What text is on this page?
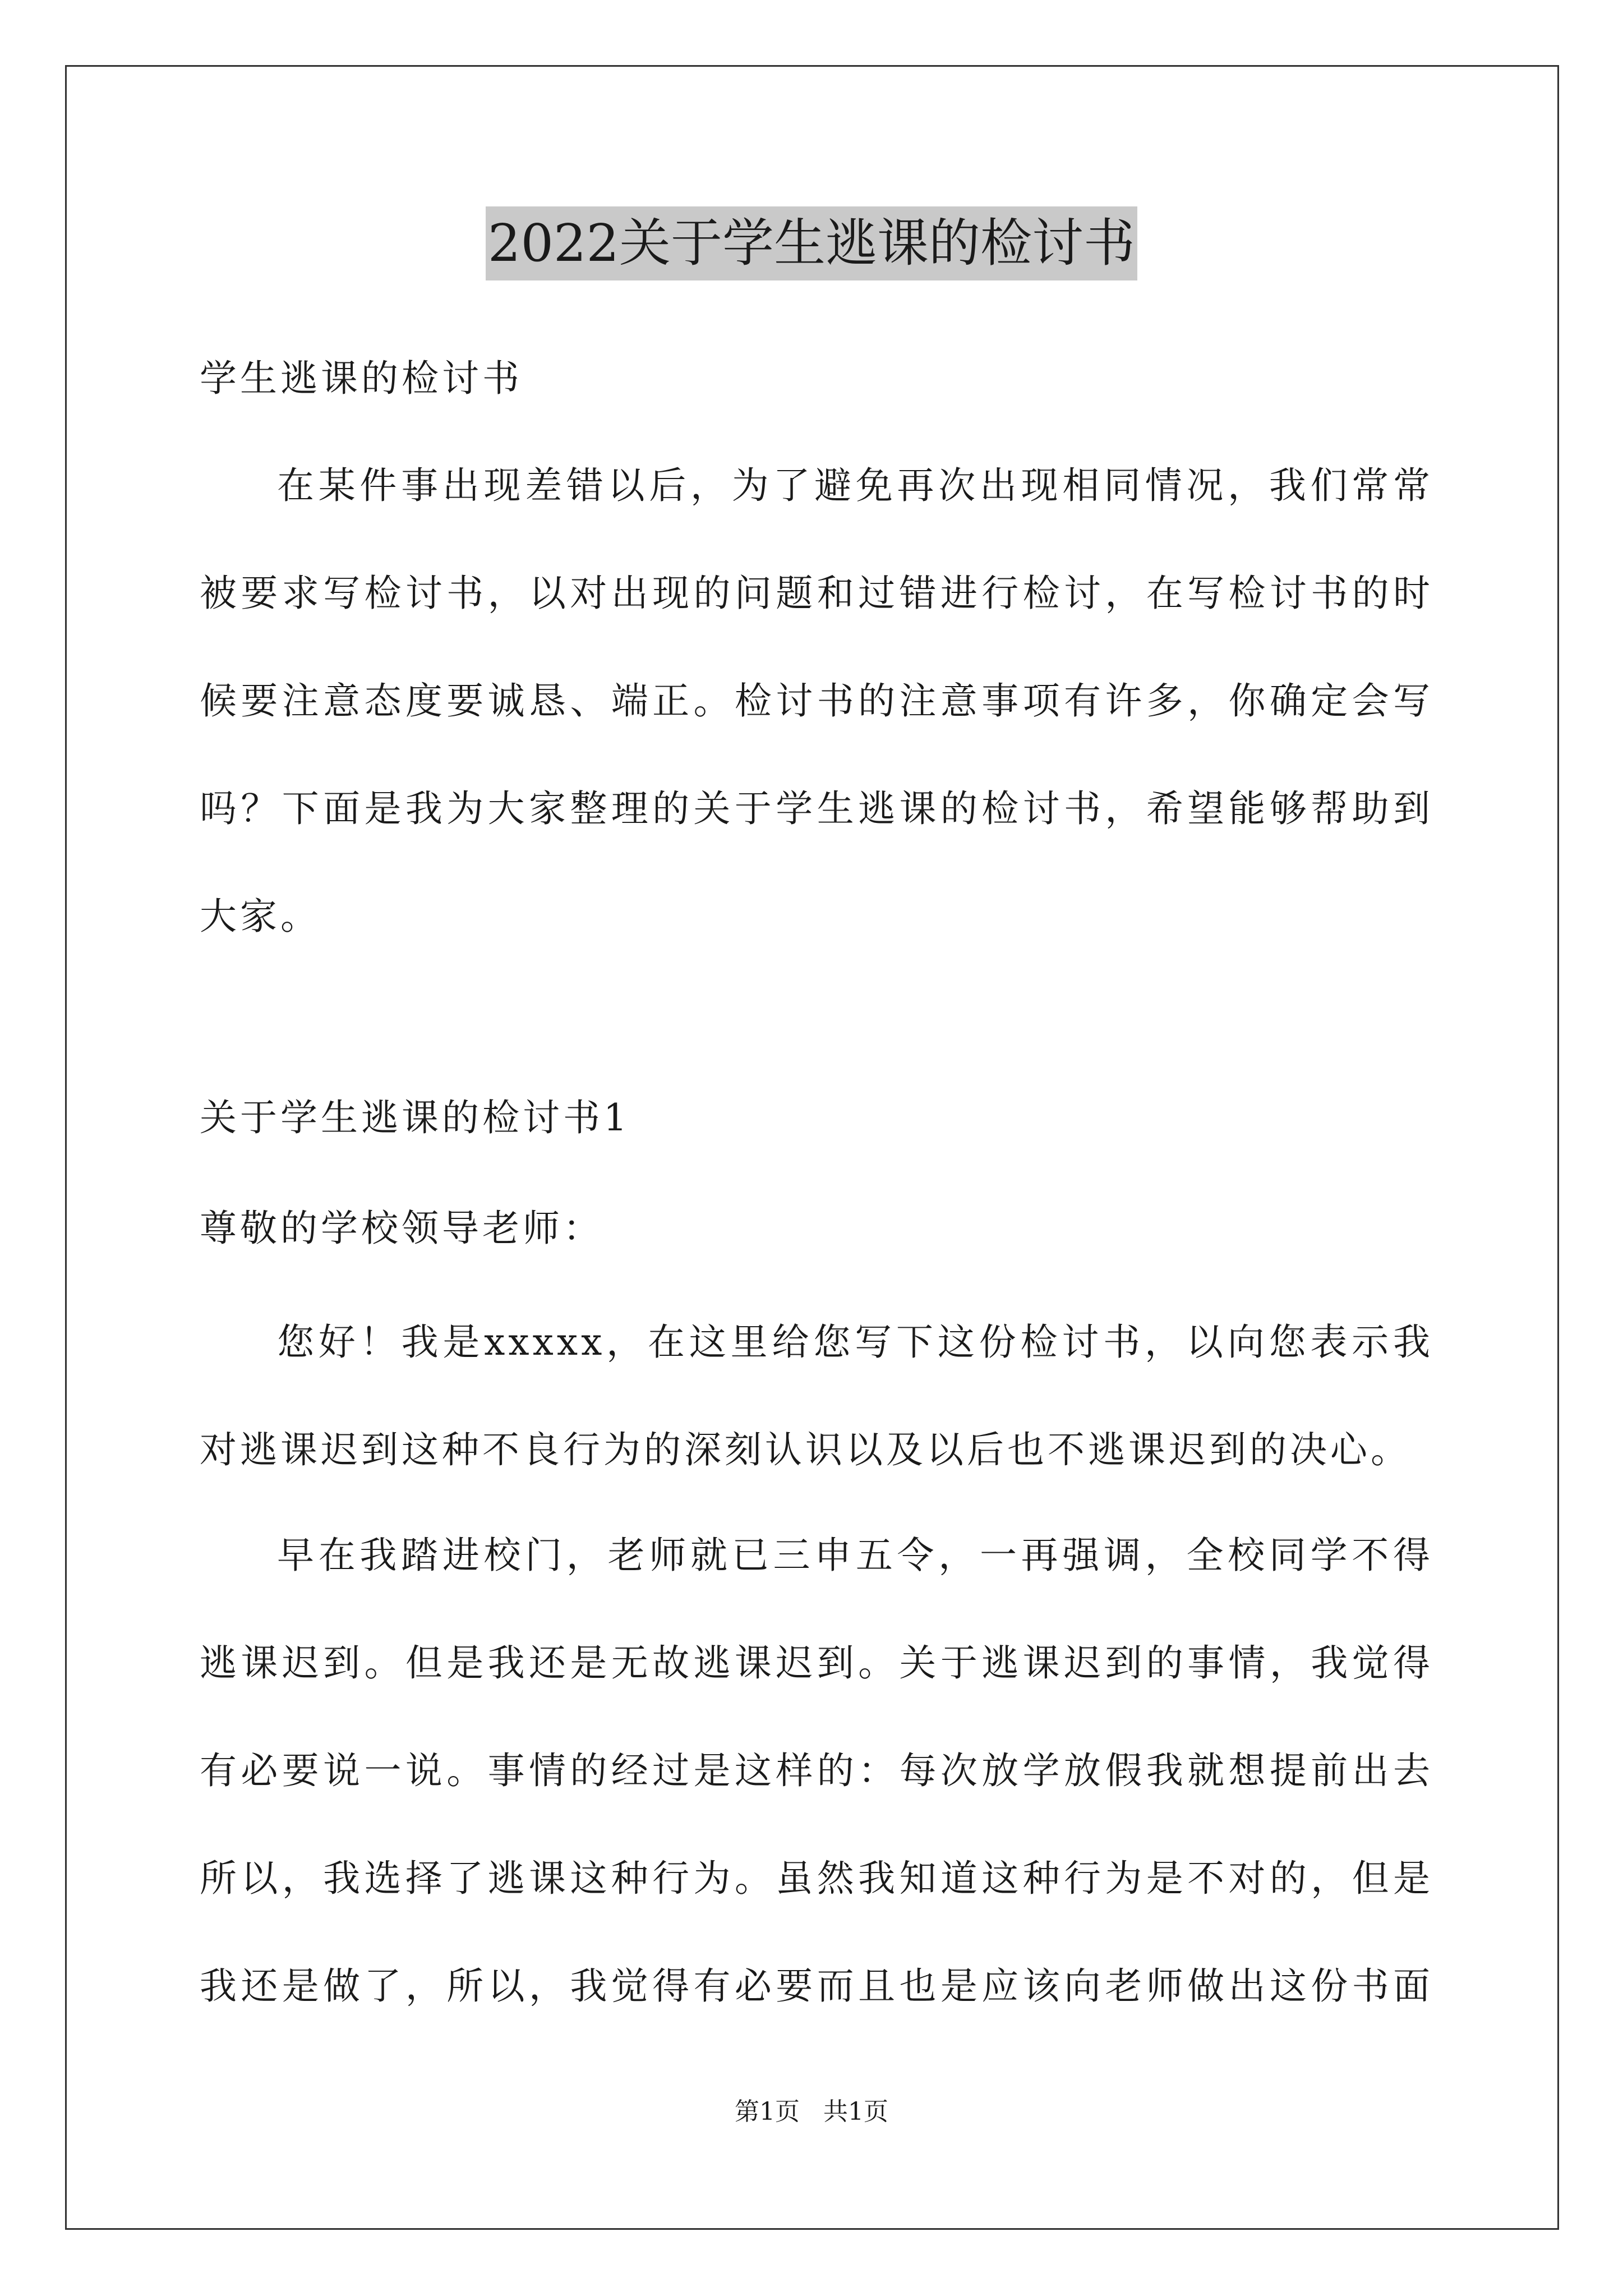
2022关于学生逃课的检讨书
学生逃课的检讨书
在某件事出现差错以后，为了避免再次出现相同情况，我们常常
被要求写检讨书，以对出现的问题和过错进行检讨，在写检讨书的时
候要注意态度要诚恳、端正。检讨书的注意事项有许多，你确定会写
吗？下面是我为大家整理的关于学生逃课的检讨书，希望能够帮助到
大家。
关于学生逃课的检讨书1
尊敬的学校领导老师：
您好！我是xxxxx，在这里给您写下这份检讨书，以向您表示我
对逃课迟到这种不良行为的深刻认识以及以后也不逃课迟到的决心。
早在我踏进校门，老师就已三申五令，一再强调，全校同学不得
逃课迟到。但是我还是无故逃课迟到。关于逃课迟到的事情，我觉得
有必要说一说。事情的经过是这样的：每次放学放假我就想提前出去
所以，我选择了逃课这种行为。虽然我知道这种行为是不对的，但是
我还是做了，所以，我觉得有必要而且也是应该向老师做出这份书面
第1页   共1页
